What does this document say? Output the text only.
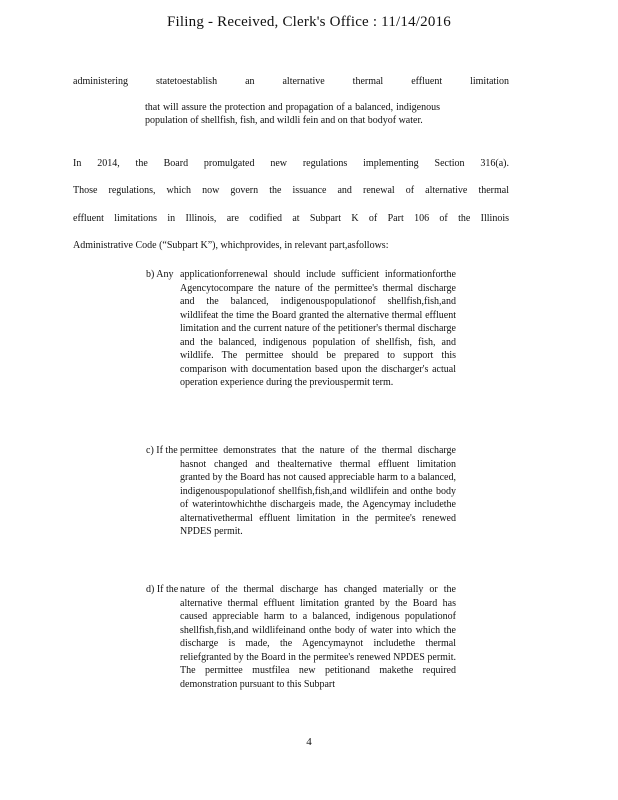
Filing - Received, Clerk's Office : 11/14/2016
administering statetoestablish an alternative thermal effluent limitation
that will assure the protection and propagation of a balanced, indigenous population of shellfish, fish, and wildli fein and on that bodyof water.
In 2014, the Board promulgated new regulations implementing Section 316(a).
Those regulations, which now govern the issuance and renewal of alternative thermal
effluent limitations in Illinois, are codified at Subpart K of Part 106 of the Illinois
Administrative Code (“Subpart K”), whichprovides, in relevant part,asfollows:
b) Any applicationforrenewal should include sufficient informationforthe Agencytocompare the nature of the permittee's thermal discharge and the balanced, indigenouspopulationof shellfish,fish,and wildlifeat the time the Board granted the alternative thermal effluent limitation and the current nature of the petitioner's thermal discharge and the balanced, indigenous population of shellfish, fish, and wildlife. The permittee should be prepared to support this comparison with documentation based upon the discharger's actual operation experience during the previouspermit term.
c) If the permittee demonstrates that the nature of the thermal discharge hasnot changed and thealternative thermal effluent limitation granted by the Board has not caused appreciable harm to a balanced, indigenouspopulationof shellfish,fish,and wildlifein and onthe body of waterintowhichthe dischargeis made, the Agencymay includethe alternativethermal effluent limitation in the permitee's renewed NPDES permit.
d) If the nature of the thermal discharge has changed materially or the alternative thermal effluent limitation granted by the Board has caused appreciable harm to a balanced, indigenous populationof shellfish,fish,and wildlifeinand onthe body of water into which the discharge is made, the Agencymaynot includethe thermal reliefgranted by the Board in the permitee's renewed NPDES permit. The permittee mustfilea new petitionand makethe required demonstration pursuant to this Subpart
4
